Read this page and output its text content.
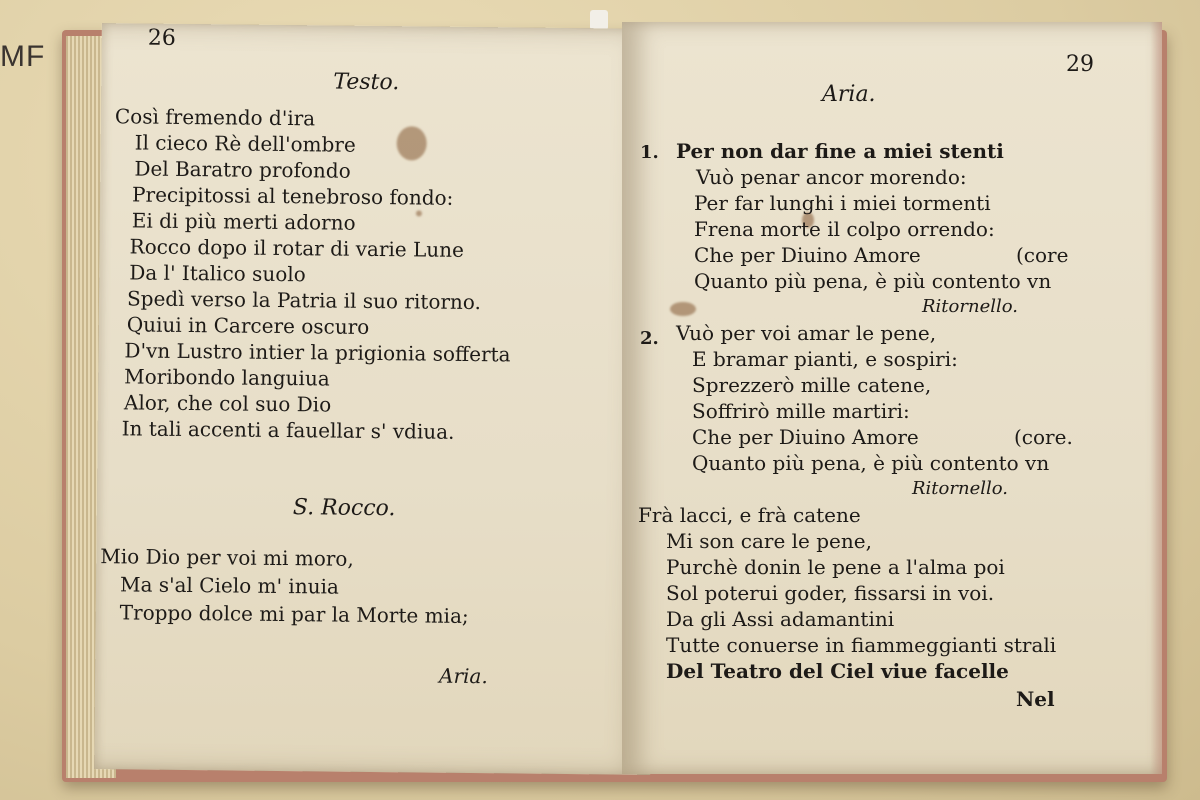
MF
26
Testo.
Così fremendo d'ira
Il cieco Rè dell'ombre
Del Baratro profondo
Precipitossi al tenebroso fondo:
Ei di più merti adorno
Rocco dopo il rotar di varie Lune
Da l' Italico suolo
Spedì verso la Patria il suo ritorno.
Quiui in Carcere oscuro
D'vn Lustro intier la prigionia sofferta
Moribondo languiua
Alor, che col suo Dio
In tali accenti a fauellar s' vdiua.
S. Rocco.
Mio Dio per voi mi moro,
Ma s'al Cielo m' inuia
Troppo dolce mi par la Morte mia;
Aria.
29
Aria.
1. Per non dar fine a miei stenti
Vuò penar ancor morendo:
Per far lunghi i miei tormenti
Frena morte il colpo orrendo:
Che per Diuino Amore	(core
Quanto più pena, è più contento vn
Ritornello.
2. Vuò per voi amar le pene,
E bramar pianti, e sospiri:
Sprezzerò mille catene,
Soffrirò mille martiri:
Che per Diuino Amore	(core.
Quanto più pena, è più contento vn
Ritornello.
Frà lacci, e frà catene
Mi son care le pene,
Purchè donin le pene a l'alma poi
Sol poterui goder, fissarsi in voi.
Da gli Assi adamantini
Tutte conuerse in fiammeggianti strali
Del Teatro del Ciel viue facelle
Nel
